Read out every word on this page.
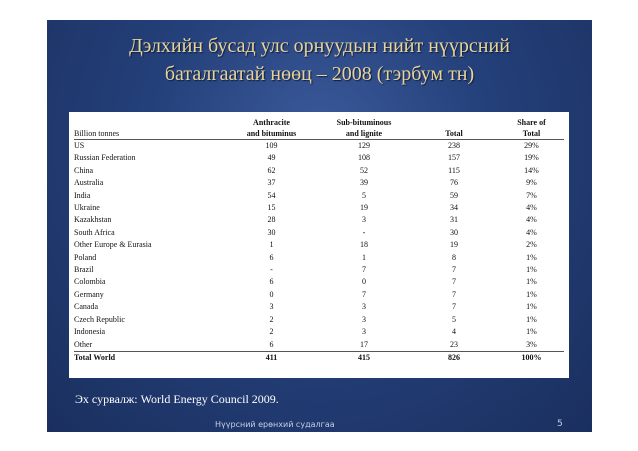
Дэлхийн бусад улс орнуудын нийт нүүрсний
баталгаатай нөөц – 2008 (тэрбум тн)
	Anthracite	Sub-bituminous		Share of
Billion tonnes	and bituminus	and lignite	Total	Total
US	109	129	238	29%
Russian Federation	49	108	157	19%
China	62	52	115	14%
Australia	37	39	76	9%
India	54	5	59	7%
Ukraine	15	19	34	4%
Kazakhstan	28	3	31	4%
South Africa	30	-	30	4%
Other Europe & Eurasia	1	18	19	2%
Poland	6	1	8	1%
Brazil	-	7	7	1%
Colombia	6	0	7	1%
Germany	0	7	7	1%
Canada	3	3	7	1%
Czech Republic	2	3	5	1%
Indonesia	2	3	4	1%
Other	6	17	23	3%
Total World	411	415	826	100%

Эх сурвалж: World Energy Council 2009.
Нүүрсний ерөнхий судалгаа	5
